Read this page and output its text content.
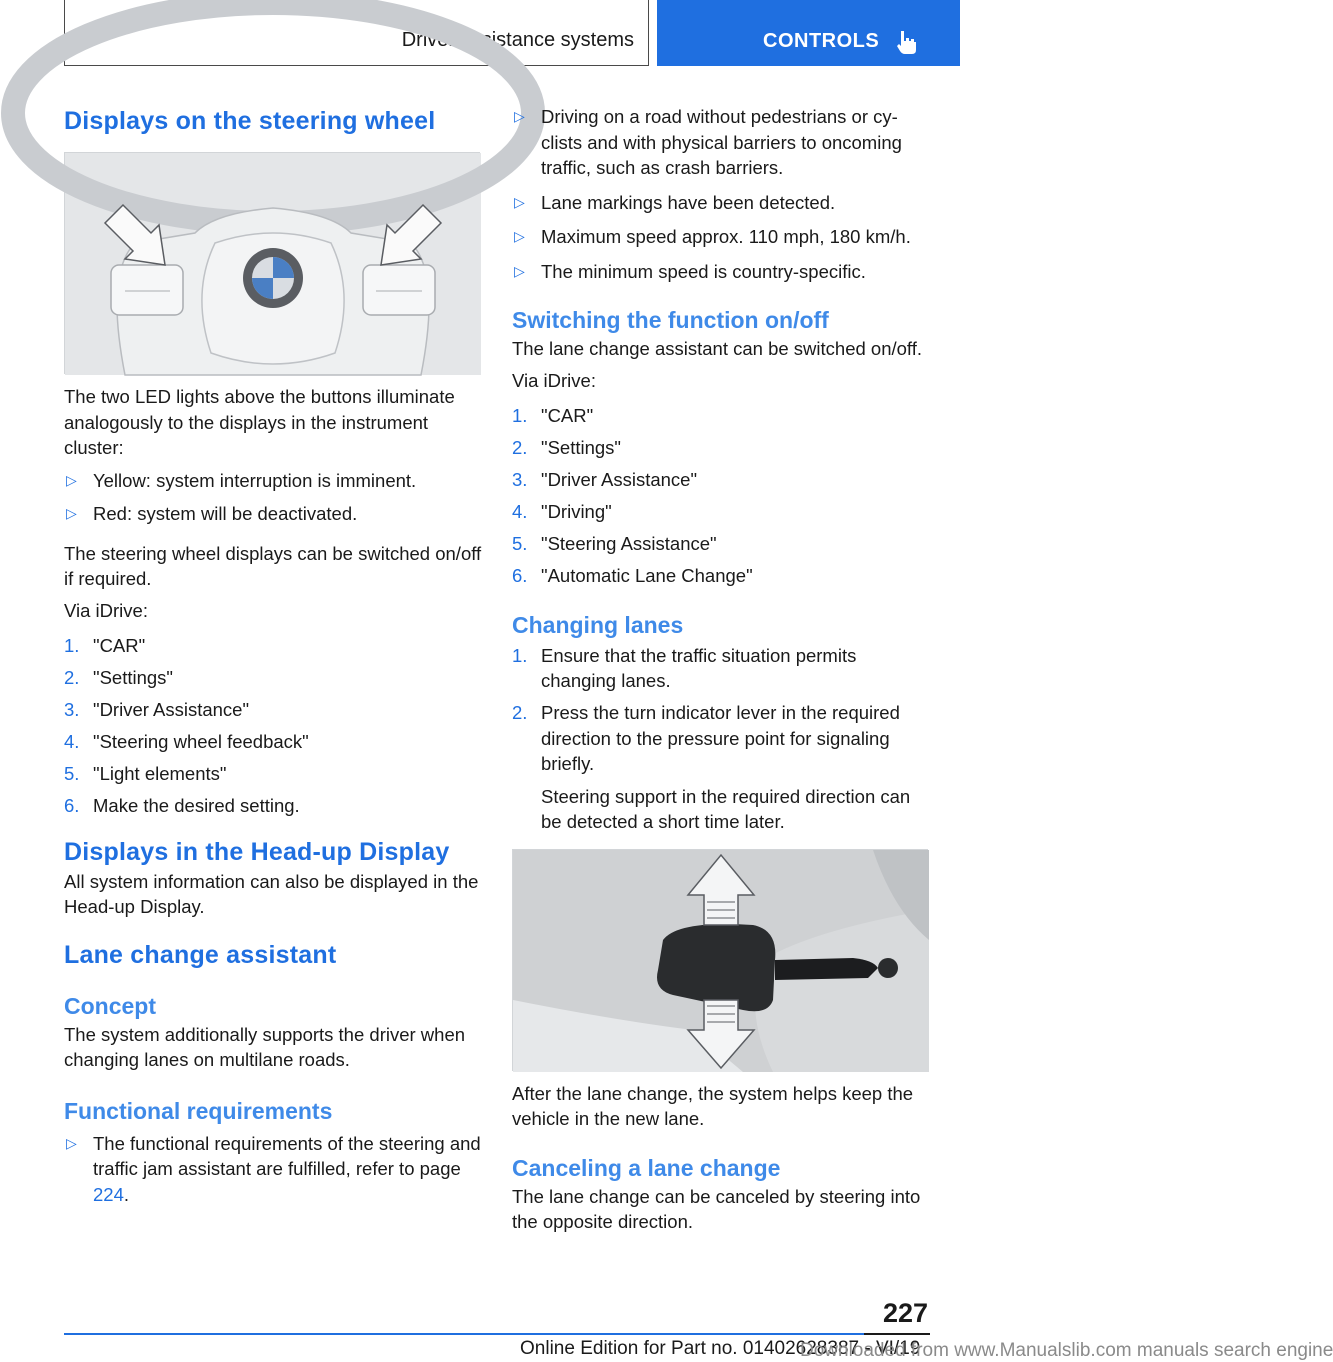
Driver assistance systems	CONTROLS
Displays on the steering wheel

The two LED lights above the buttons illuminate analogously to the displays in the instrument cluster:

▷ Yellow: system interruption is imminent.
▷ Red: system will be deactivated.

The steering wheel displays can be switched on/off if required.

Via iDrive:

1. "CAR"
2. "Settings"
3. "Driver Assistance"
4. "Steering wheel feedback"
5. "Light elements"
6. Make the desired setting.
Displays in the Head-up Display

All system information can also be displayed in the Head-up Display.

Lane change assistant
Concept

The system additionally supports the driver when changing lanes on multilane roads.

Functional requirements
▷ The functional requirements of the steering and traffic jam assistant are fulfilled, refer to page 224.
▷ Driving on a road without pedestrians or cyclists and with physical barriers to oncoming traffic, such as crash barriers.
▷ Lane markings have been detected.
▷ Maximum speed approx. 110 mph, 180 km/h.
▷ The minimum speed is country-specific.
Switching the function on/off

The lane change assistant can be switched on/off.

Via iDrive:

1. "CAR"
2. "Settings"
3. "Driver Assistance"
4. "Driving"
5. "Steering Assistance"
6. "Automatic Lane Change"
Changing lanes
1. Ensure that the traffic situation permits changing lanes.
2. Press the turn indicator lever in the required direction to the pressure point for signaling briefly.

Steering support in the required direction can be detected a short time later.

After the lane change, the system helps keep the vehicle in the new lane.

Canceling a lane change

The lane change can be canceled by steering into the opposite direction.

227
Online Edition for Part no. 01402628387 - VI/19
Downloaded from www.Manualslib.com manuals search engine
